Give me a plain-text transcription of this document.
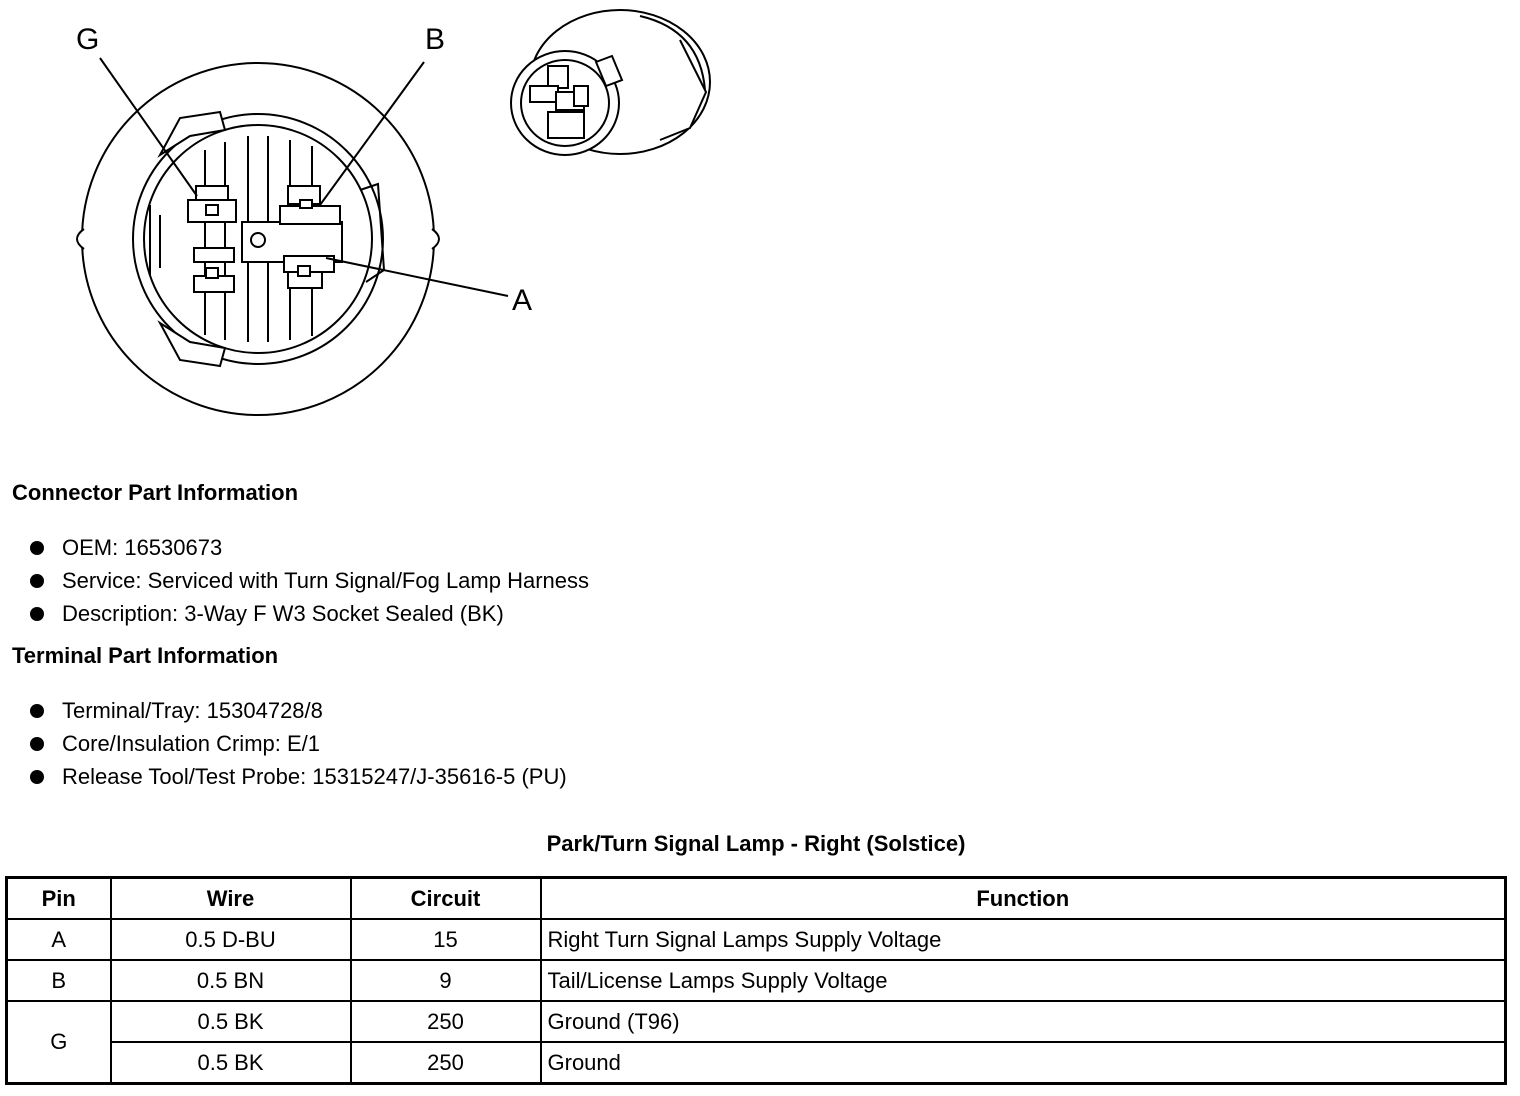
G	B
A
Connector Part Information
OEM: 16530673
Service: Serviced with Turn Signal/Fog Lamp Harness
Description: 3-Way F W3 Socket Sealed (BK)
Terminal Part Information
Terminal/Tray: 15304728/8
Core/Insulation Crimp: E/1
Release Tool/Test Probe: 15315247/J-35616-5 (PU)
Park/Turn Signal Lamp - Right (Solstice)
Pin	Wire	Circuit	Function
A	0.5 D-BU	15	Right Turn Signal Lamps Supply Voltage
B	0.5 BN	9	Tail/License Lamps Supply Voltage
G	0.5 BK	250	Ground (T96)
	0.5 BK	250	Ground
